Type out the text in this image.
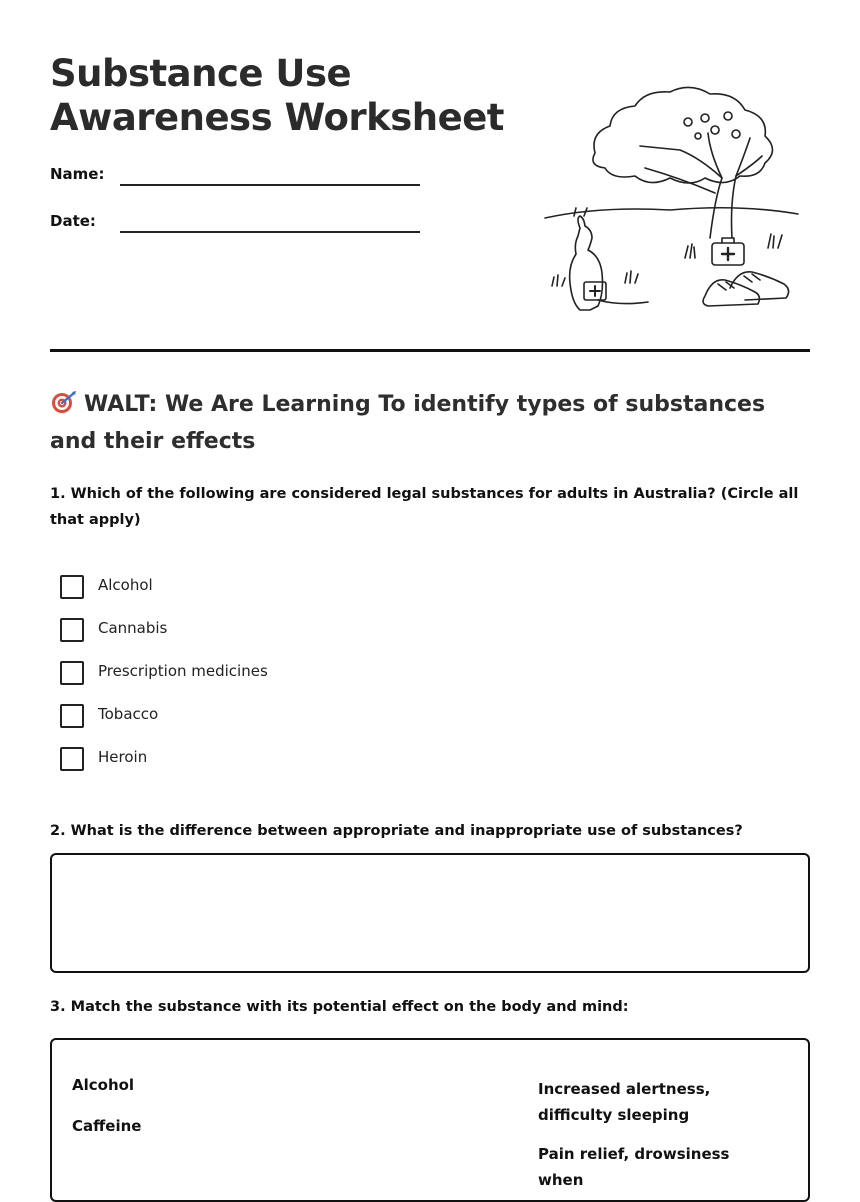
Substance Use
Awareness Worksheet
Name:
Date:
WALT: We Are Learning To identify types of substances and their effects

1. Which of the following are considered legal substances for adults in Australia? (Circle all that apply)

Alcohol
Cannabis
Prescription medicines
Tobacco
Heroin

2. What is the difference between appropriate and inappropriate use of substances?

3. Match the substance with its potential effect on the body and mind:

Alcohol
Caffeine
Increased alertness, difficulty sleeping
Pain relief, drowsiness when
